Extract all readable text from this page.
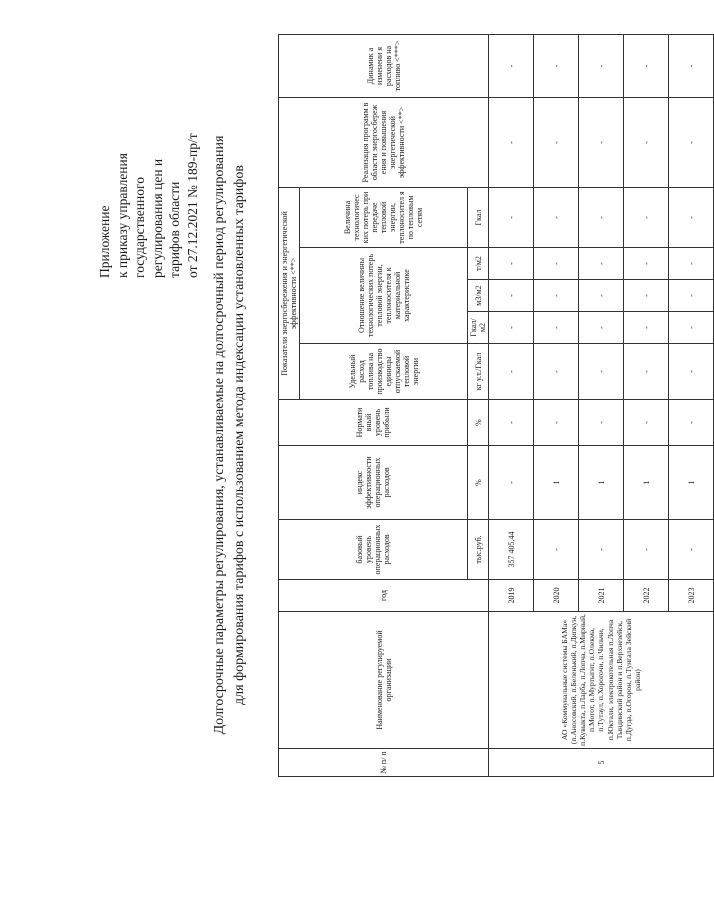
Приложение к приказу управления государственного регулирования цен и тарифов области от 27.12.2021 № 189-пр/т Долгосрочные параметры регулирования, устанавливаемые на долгосрочный период регулирования для формирования тарифов с использованием метода индексации установленных тарифов
№ п/ п	Наименование регулируемой организации	год	базовый уровень операционных расходов	индекс эффективности операционных расходов	Нормати вный уровень прибыли	Показатели энергосбережения и энергетической эффективности <**>					Реализация программ в области энергосбереж ения и повышения энергетической эффективности <**>	Динамик а изменени я расходов на топливо <***>
						Удельный расход топлива на производство единицы отпускаемой тепловой энергии	Отношение величины технологических потерь тепловой энергии, теплоносителя к материальной характеристике			Величина технологичес ких потерь при передаче тепловой энергии, теплоносител я по тепловым сетям		
			тыс.руб.	%	%	кг у.т./Гкал	Гкал/ м2	м3/м2	т/м2	Гкал		
5	АО «Коммунальные системы БАМа» (п.Аносовский, п.Беленький, п.Дипкун, п.Кувыкта, п.Ларба, п.Лопча, п.Мирный, п.Могот, п.Муртыгит, п.Олекма, п.Тутаул, п.Хорогочи, п.Чильчи, п.Юктали, электрокотельная п.Лопча Тындинский район и п.Верхнезейск, п.Дугда, п.Огорон, п.Тунгала Зейский район)	2019	357 405,44	-	-	-	-	-	-	-	-	-
		2020	-	1	-	-	-	-	-	-	-	-
		2021	-	1	-	-	-	-	-	-	-	-
		2022	-	1	-	-	-	-	-	-	-	-
		2023	-	1	-	-	-	-	-	-	-	-
